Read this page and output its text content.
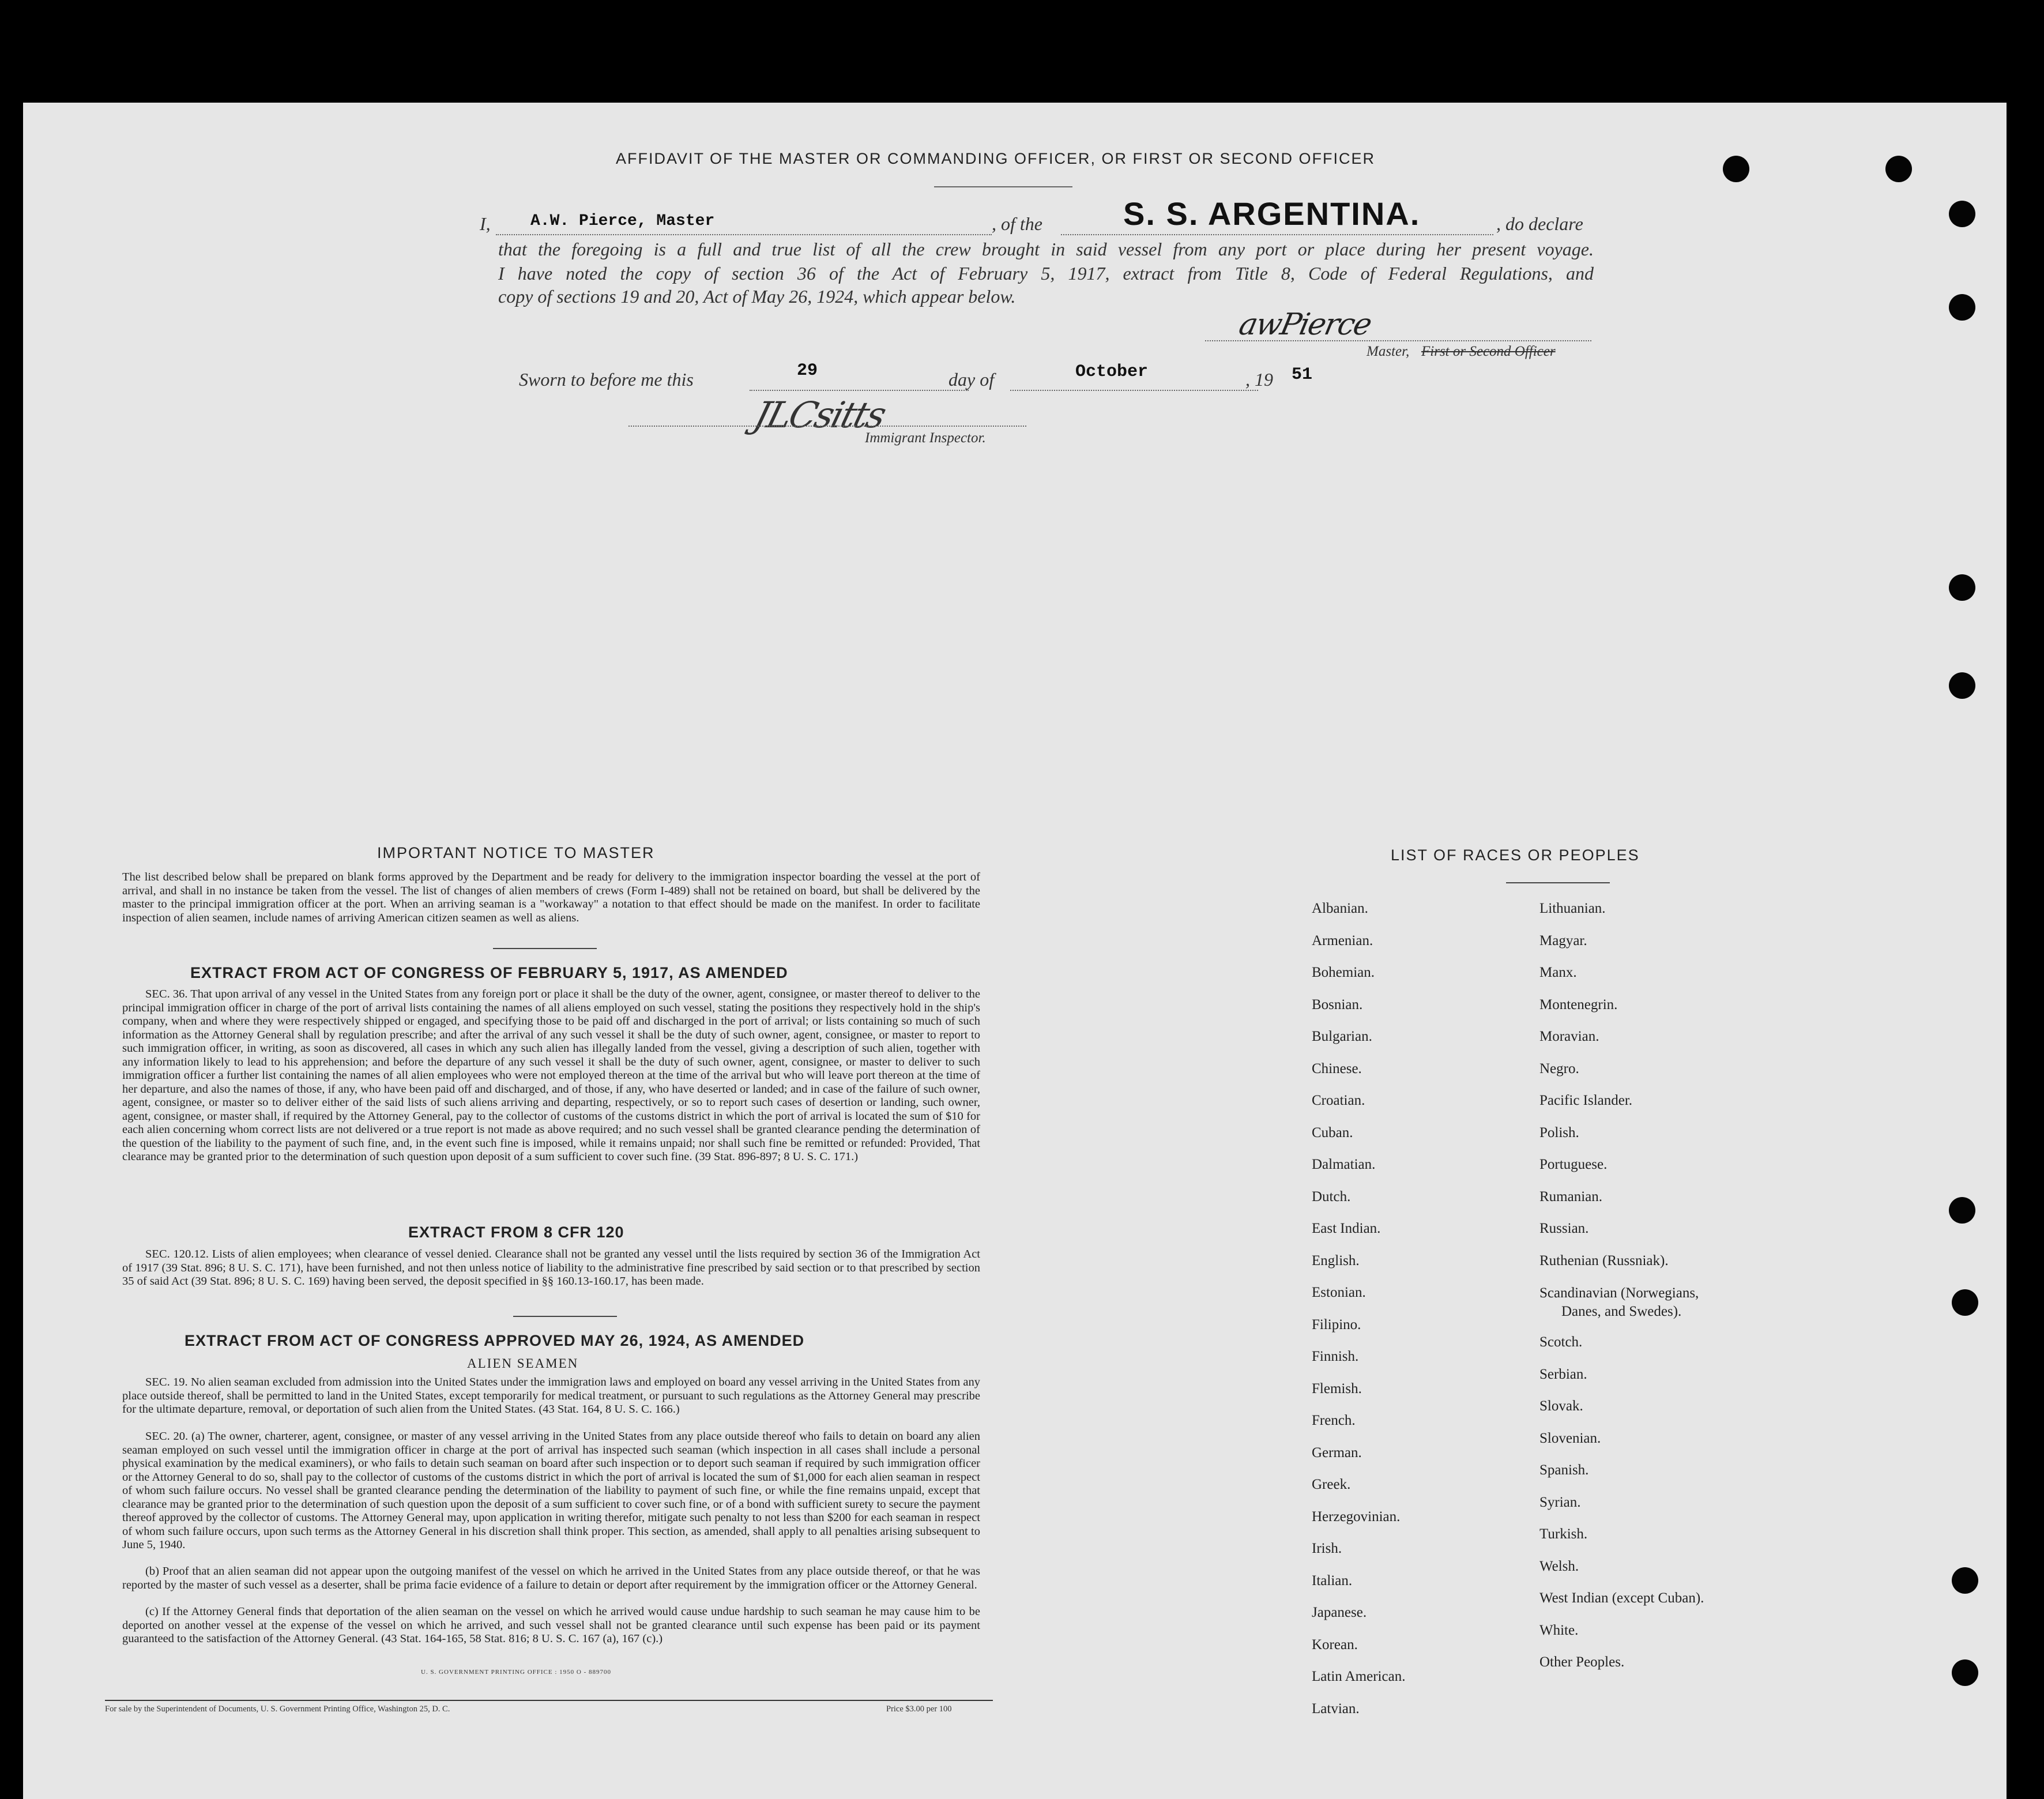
AFFIDAVIT OF THE MASTER OR COMMANDING OFFICER, OR FIRST OR SECOND OFFICER
I, A.W. Pierce, Master	, of the	S. S. ARGENTINA.	, do declare
that the foregoing is a full and true list of all the crew brought in said vessel from any port or place during her present voyage.
I have noted the copy of section 36 of the Act of February 5, 1917, extract from Title 8, Code of Federal Regulations, and
copy of sections 19 and 20, Act of May 26, 1924, which appear below.
awPierce
Master, First or Second Officer
Sworn to before me this	29	day of	October	, 19 51
JLCsitts
Immigrant Inspector.
IMPORTANT NOTICE TO MASTER
The list described below shall be prepared on blank forms approved by the Department and be ready for delivery to the immigration inspector boarding the vessel at the port of arrival, and shall in no instance be taken from the vessel. The list of changes of alien members of crews (Form I-489) shall not be retained on board, but shall be delivered by the master to the principal immigration officer at the port. When an arriving seaman is a "workaway" a notation to that effect should be made on the manifest. In order to facilitate inspection of alien seamen, include names of arriving American citizen seamen as well as aliens.
EXTRACT FROM ACT OF CONGRESS OF FEBRUARY 5, 1917, AS AMENDED
SEC. 36. That upon arrival of any vessel in the United States from any foreign port or place it shall be the duty of the owner, agent, consignee, or master thereof to deliver to the principal immigration officer in charge of the port of arrival lists containing the names of all aliens employed on such vessel, stating the positions they respectively hold in the ship's company, when and where they were respectively shipped or engaged, and specifying those to be paid off and discharged in the port of arrival; or lists containing so much of such information as the Attorney General shall by regulation prescribe; and after the arrival of any such vessel it shall be the duty of such owner, agent, consignee, or master to report to such immigration officer, in writing, as soon as discovered, all cases in which any such alien has illegally landed from the vessel, giving a description of such alien, together with any information likely to lead to his apprehension; and before the departure of any such vessel it shall be the duty of such owner, agent, consignee, or master to deliver to such immigration officer a further list containing the names of all alien employees who were not employed thereon at the time of the arrival but who will leave port thereon at the time of her departure, and also the names of those, if any, who have been paid off and discharged, and of those, if any, who have deserted or landed; and in case of the failure of such owner, agent, consignee, or master so to deliver either of the said lists of such aliens arriving and departing, respectively, or so to report such cases of desertion or landing, such owner, agent, consignee, or master shall, if required by the Attorney General, pay to the collector of customs of the customs district in which the port of arrival is located the sum of $10 for each alien concerning whom correct lists are not delivered or a true report is not made as above required; and no such vessel shall be granted clearance pending the determination of the question of the liability to the payment of such fine, and, in the event such fine is imposed, while it remains unpaid; nor shall such fine be remitted or refunded: Provided, That clearance may be granted prior to the determination of such question upon deposit of a sum sufficient to cover such fine. (39 Stat. 896-897; 8 U. S. C. 171.)
EXTRACT FROM 8 CFR 120
SEC. 120.12. Lists of alien employees; when clearance of vessel denied. Clearance shall not be granted any vessel until the lists required by section 36 of the Immigration Act of 1917 (39 Stat. 896; 8 U. S. C. 171), have been furnished, and not then unless notice of liability to the administrative fine prescribed by said section or to that prescribed by section 35 of said Act (39 Stat. 896; 8 U. S. C. 169) having been served, the deposit specified in §§ 160.13-160.17, has been made.
EXTRACT FROM ACT OF CONGRESS APPROVED MAY 26, 1924, AS AMENDED
ALIEN SEAMEN
SEC. 19. No alien seaman excluded from admission into the United States under the immigration laws and employed on board any vessel arriving in the United States from any place outside thereof, shall be permitted to land in the United States, except temporarily for medical treatment, or pursuant to such regulations as the Attorney General may prescribe for the ultimate departure, removal, or deportation of such alien from the United States. (43 Stat. 164, 8 U. S. C. 166.)
SEC. 20. (a) The owner, charterer, agent, consignee, or master of any vessel arriving in the United States from any place outside thereof who fails to detain on board any alien seaman employed on such vessel until the immigration officer in charge at the port of arrival has inspected such seaman (which inspection in all cases shall include a personal physical examination by the medical examiners), or who fails to detain such seaman on board after such inspection or to deport such seaman if required by such immigration officer or the Attorney General to do so, shall pay to the collector of customs of the customs district in which the port of arrival is located the sum of $1,000 for each alien seaman in respect of whom such failure occurs. No vessel shall be granted clearance pending the determination of the liability to payment of such fine, or while the fine remains unpaid, except that clearance may be granted prior to the determination of such question upon the deposit of a sum sufficient to cover such fine, or of a bond with sufficient surety to secure the payment thereof approved by the collector of customs. The Attorney General may, upon application in writing therefor, mitigate such penalty to not less than $200 for each seaman in respect of whom such failure occurs, upon such terms as the Attorney General in his discretion shall think proper. This section, as amended, shall apply to all penalties arising subsequent to June 5, 1940.
(b) Proof that an alien seaman did not appear upon the outgoing manifest of the vessel on which he arrived in the United States from any place outside thereof, or that he was reported by the master of such vessel as a deserter, shall be prima facie evidence of a failure to detain or deport after requirement by the immigration officer or the Attorney General.
(c) If the Attorney General finds that deportation of the alien seaman on the vessel on which he arrived would cause undue hardship to such seaman he may cause him to be deported on another vessel at the expense of the vessel on which he arrived, and such vessel shall not be granted clearance until such expense has been paid or its payment guaranteed to the satisfaction of the Attorney General. (43 Stat. 164-165, 58 Stat. 816; 8 U. S. C. 167 (a), 167 (c).)
U. S. GOVERNMENT PRINTING OFFICE : 1950 O - 889700
For sale by the Superintendent of Documents, U. S. Government Printing Office, Washington 25, D. C.	Price $3.00 per 100
LIST OF RACES OR PEOPLES
Albanian.
Armenian.
Bohemian.
Bosnian.
Bulgarian.
Chinese.
Croatian.
Cuban.
Dalmatian.
Dutch.
East Indian.
English.
Estonian.
Filipino.
Finnish.
Flemish.
French.
German.
Greek.
Herzegovinian.
Irish.
Italian.
Japanese.
Korean.
Latin American.
Latvian.
Lithuanian.
Magyar.
Manx.
Montenegrin.
Moravian.
Negro.
Pacific Islander.
Polish.
Portuguese.
Rumanian.
Russian.
Ruthenian (Russniak).
Scandinavian (Norwegians,
Danes, and Swedes).
Scotch.
Serbian.
Slovak.
Slovenian.
Spanish.
Syrian.
Turkish.
Welsh.
West Indian (except Cuban).
White.
Other Peoples.
